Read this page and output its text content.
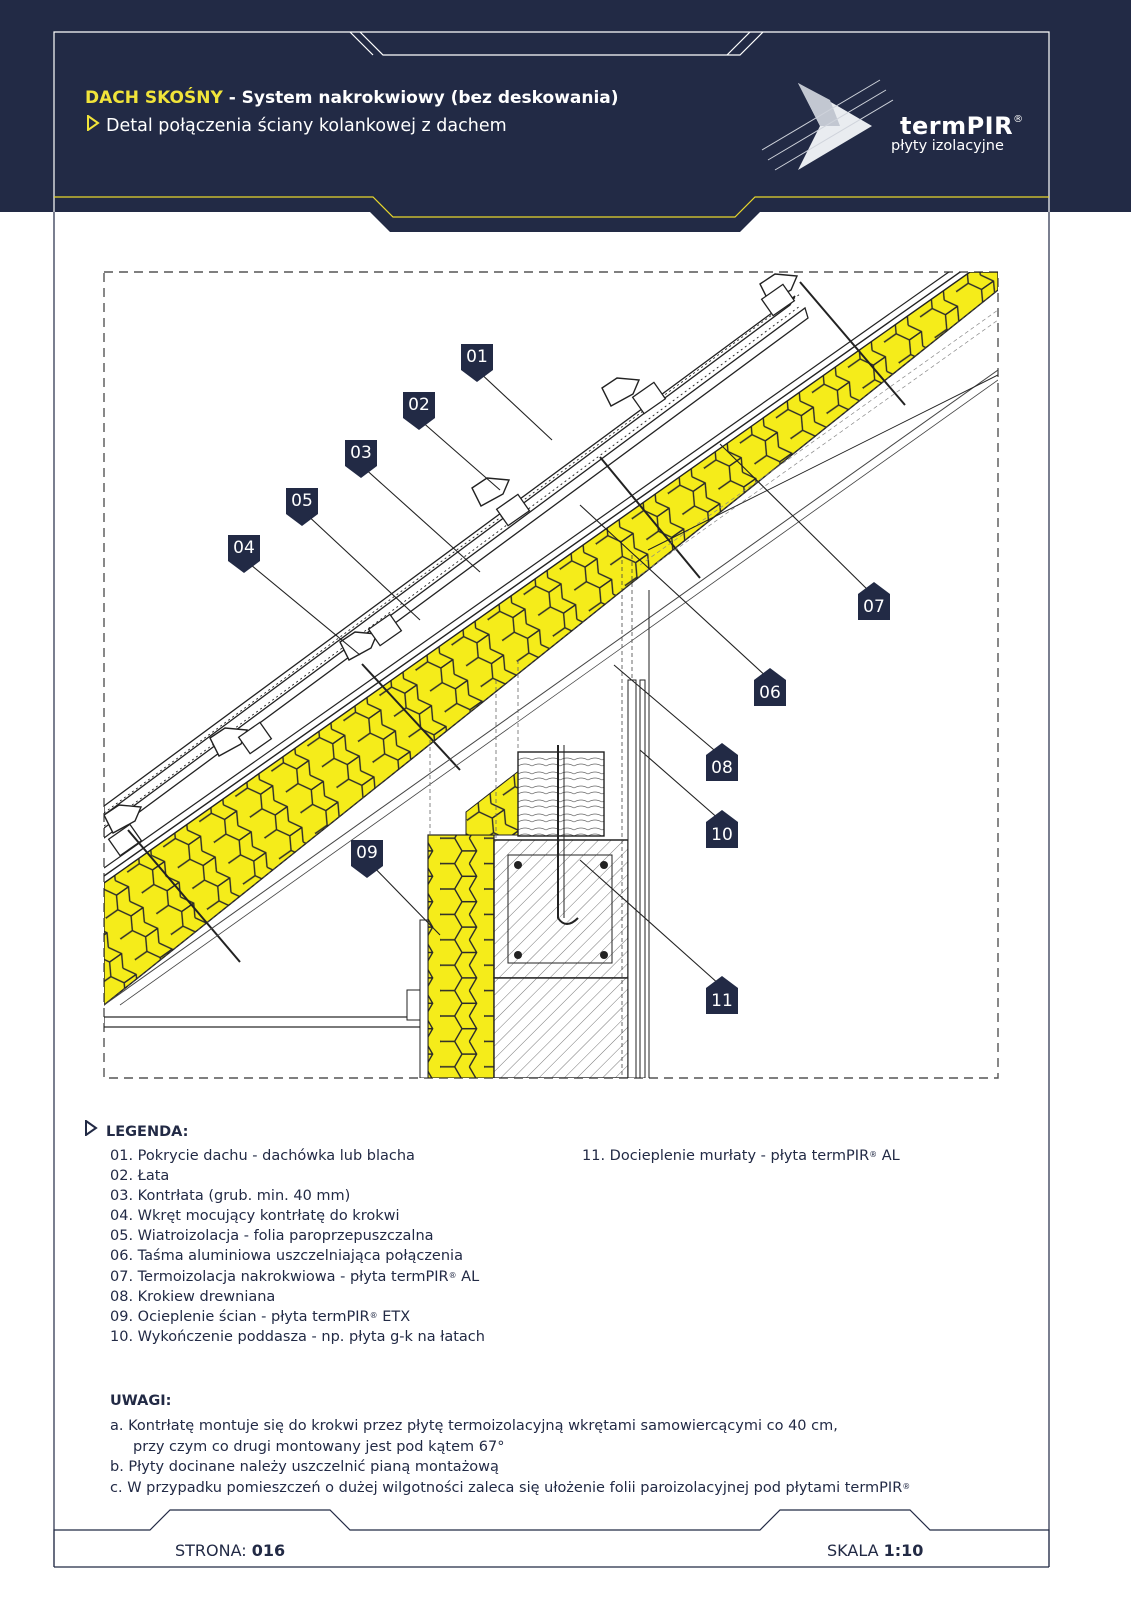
DACH SKOŚNY - System nakrokwiowy (bez deskowania)
Detal połączenia ściany kolankowej z dachem	termPIR®
płyty izolacyjne
01
02
03
05
04
07
06
08
10
09
11
LEGENDA:
01. Pokrycie dachu - dachówka lub blacha
02. Łata
03. Kontrłata (grub. min. 40 mm)
04. Wkręt mocujący kontrłatę do krokwi
05. Wiatroizolacja - folia paroprzepuszczalna
06. Taśma aluminiowa uszczelniająca połączenia
07. Termoizolacja nakrokwiowa - płyta termPIR® AL
08. Krokiew drewniana
09. Ocieplenie ścian - płyta termPIR® ETX
10. Wykończenie poddasza - np. płyta g-k na łatach
11. Docieplenie murłaty - płyta termPIR® AL
UWAGI:
a. Kontrłatę montuje się do krokwi przez płytę termoizolacyjną wkrętami samowiercącymi co 40 cm,
przy czym co drugi montowany jest pod kątem 67°
b. Płyty docinane należy uszczelnić pianą montażową
c. W przypadku pomieszczeń o dużej wilgotności zaleca się ułożenie folii paroizolacyjnej pod płytami termPIR®
STRONA: 016	SKALA 1:10
